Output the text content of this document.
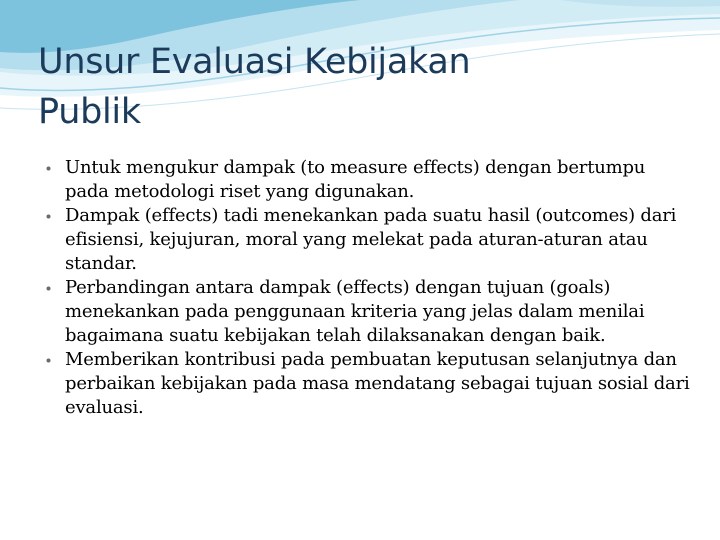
Unsur Evaluasi Kebijakan
Publik
Untuk mengukur dampak (to measure effects) dengan bertumpu pada metodologi riset yang digunakan.
Dampak (effects) tadi menekankan pada suatu hasil (outcomes) dari efisiensi, kejujuran, moral yang melekat pada aturan-aturan atau standar.
Perbandingan antara dampak (effects) dengan tujuan (goals) menekankan pada penggunaan kriteria yang jelas dalam menilai bagaimana suatu kebijakan telah dilaksanakan dengan baik.
Memberikan kontribusi pada pembuatan keputusan selanjutnya dan perbaikan kebijakan pada masa mendatang sebagai tujuan sosial dari evaluasi.
